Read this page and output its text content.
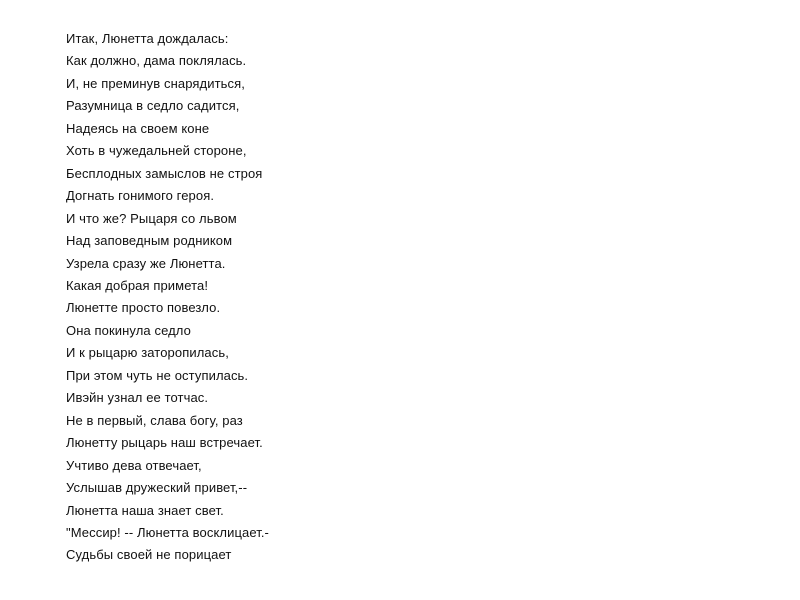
Итак, Люнетта дождалась:
Как должно, дама поклялась.
И, не преминув снарядиться,
Разумница в седло садится,
Надеясь на своем коне
Хоть в чужедальней стороне,
Бесплодных замыслов не строя
Догнать гонимого героя.
И что же? Рыцаря со львом
Над заповедным родником
Узрела сразу же Люнетта.
Какая добрая примета!
Люнетте просто повезло.
Она покинула седло
И к рыцарю заторопилась,
При этом чуть не оступилась.
Ивэйн узнал ее тотчас.
Не в первый, слава богу, раз
Люнетту рыцарь наш встречает.
Учтиво дева отвечает,
Услышав дружеский привет,--
Люнетта наша знает свет.
"Мессир! -- Люнетта восклицает.-
Судьбы своей не порицает
